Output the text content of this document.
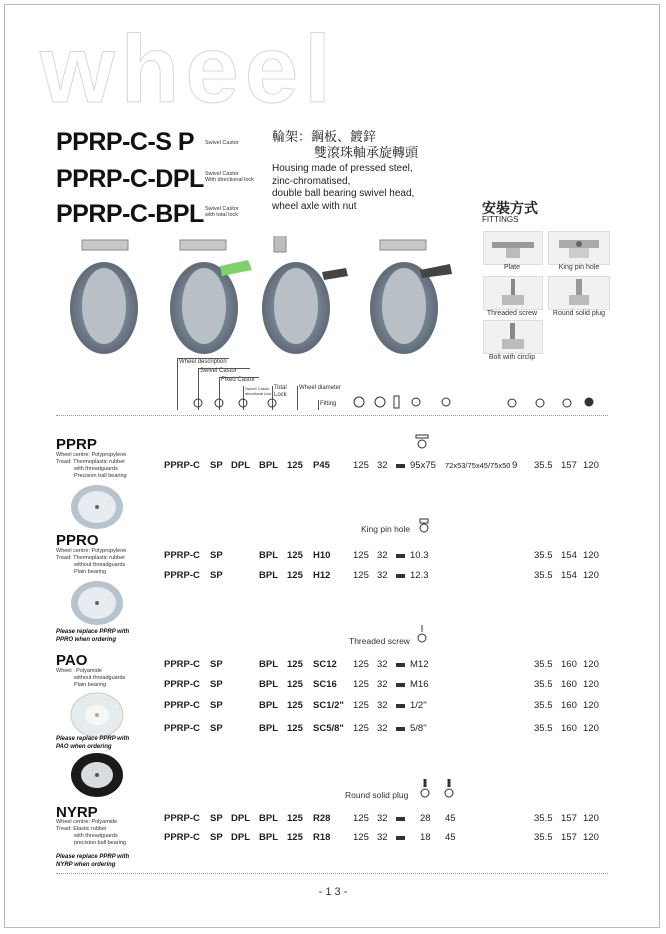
wheel
PPRP-C-S P Swivel Castor
PPRP-C-DPL Swivel Castor
With directional lock
PPRP-C-BPL Swivel Castor
with total lock
輪架：鋼板、鍍鋅
雙滾珠軸承旋轉頭
Housing made of pressed steel,
zinc-chromatised,
double ball bearing swivel head,
wheel axle with nut	安裝方式
FITTINGS
Plate	King pin hole
Threaded screw	Round solid plug
Bolt with circlip
Wheel description
Swivel Castor
Fixed Castor
Swivel Castor directional lock
Total Lock
Wheel diameter
Fitting
PPRP
Wheel centre: Polypropylene
Tread: Thermoplastic rubber
with threadguards
Precision ball bearing
PPRP-C SP DPL BPL 125 P45 125 32 95x75 72x53/75x45/75x50 9 35.5 157 120
King pin hole
PPRO
Wheel centre: Polypropylene
Tread: Thermoplastic rubber
without threadguards
Plain bearing
Please replace PPRP with
PPRO when ordering
PPRP-C SP	BPL 125 H10 125 32 10.3	35.5 154 120
PPRP-C SP	BPL 125 H12 125 32 12.3	35.5 154 120
Threaded screw
PAO
Wheel : Polyamide
without threadguards
Plain bearing
Please replace PPRP with
PAO when ordering
PPRP-C SP	BPL 125 SC12 125 32 M12	35.5 160 120
PPRP-C SP	BPL 125 SC16 125 32 M16	35.5 160 120
PPRP-C SP	BPL 125 SC1/2" 125 32 1/2"	35.5 160 120
PPRP-C SP	BPL 125 SC5/8" 125 32 5/8"	35.5 160 120
Round solid plug
NYRP
Wheel centre: Polyamide
Tread: Elastic rubber
with threadguards
precision ball bearing
Please replace PPRP with
NYRP when ordering
PPRP-C SP DPL BPL 125 R28 125 32	28 45	35.5 157 120
PPRP-C SP DPL BPL 125 R18 125 32	18 45	35.5 157 120
- 1 3 -
